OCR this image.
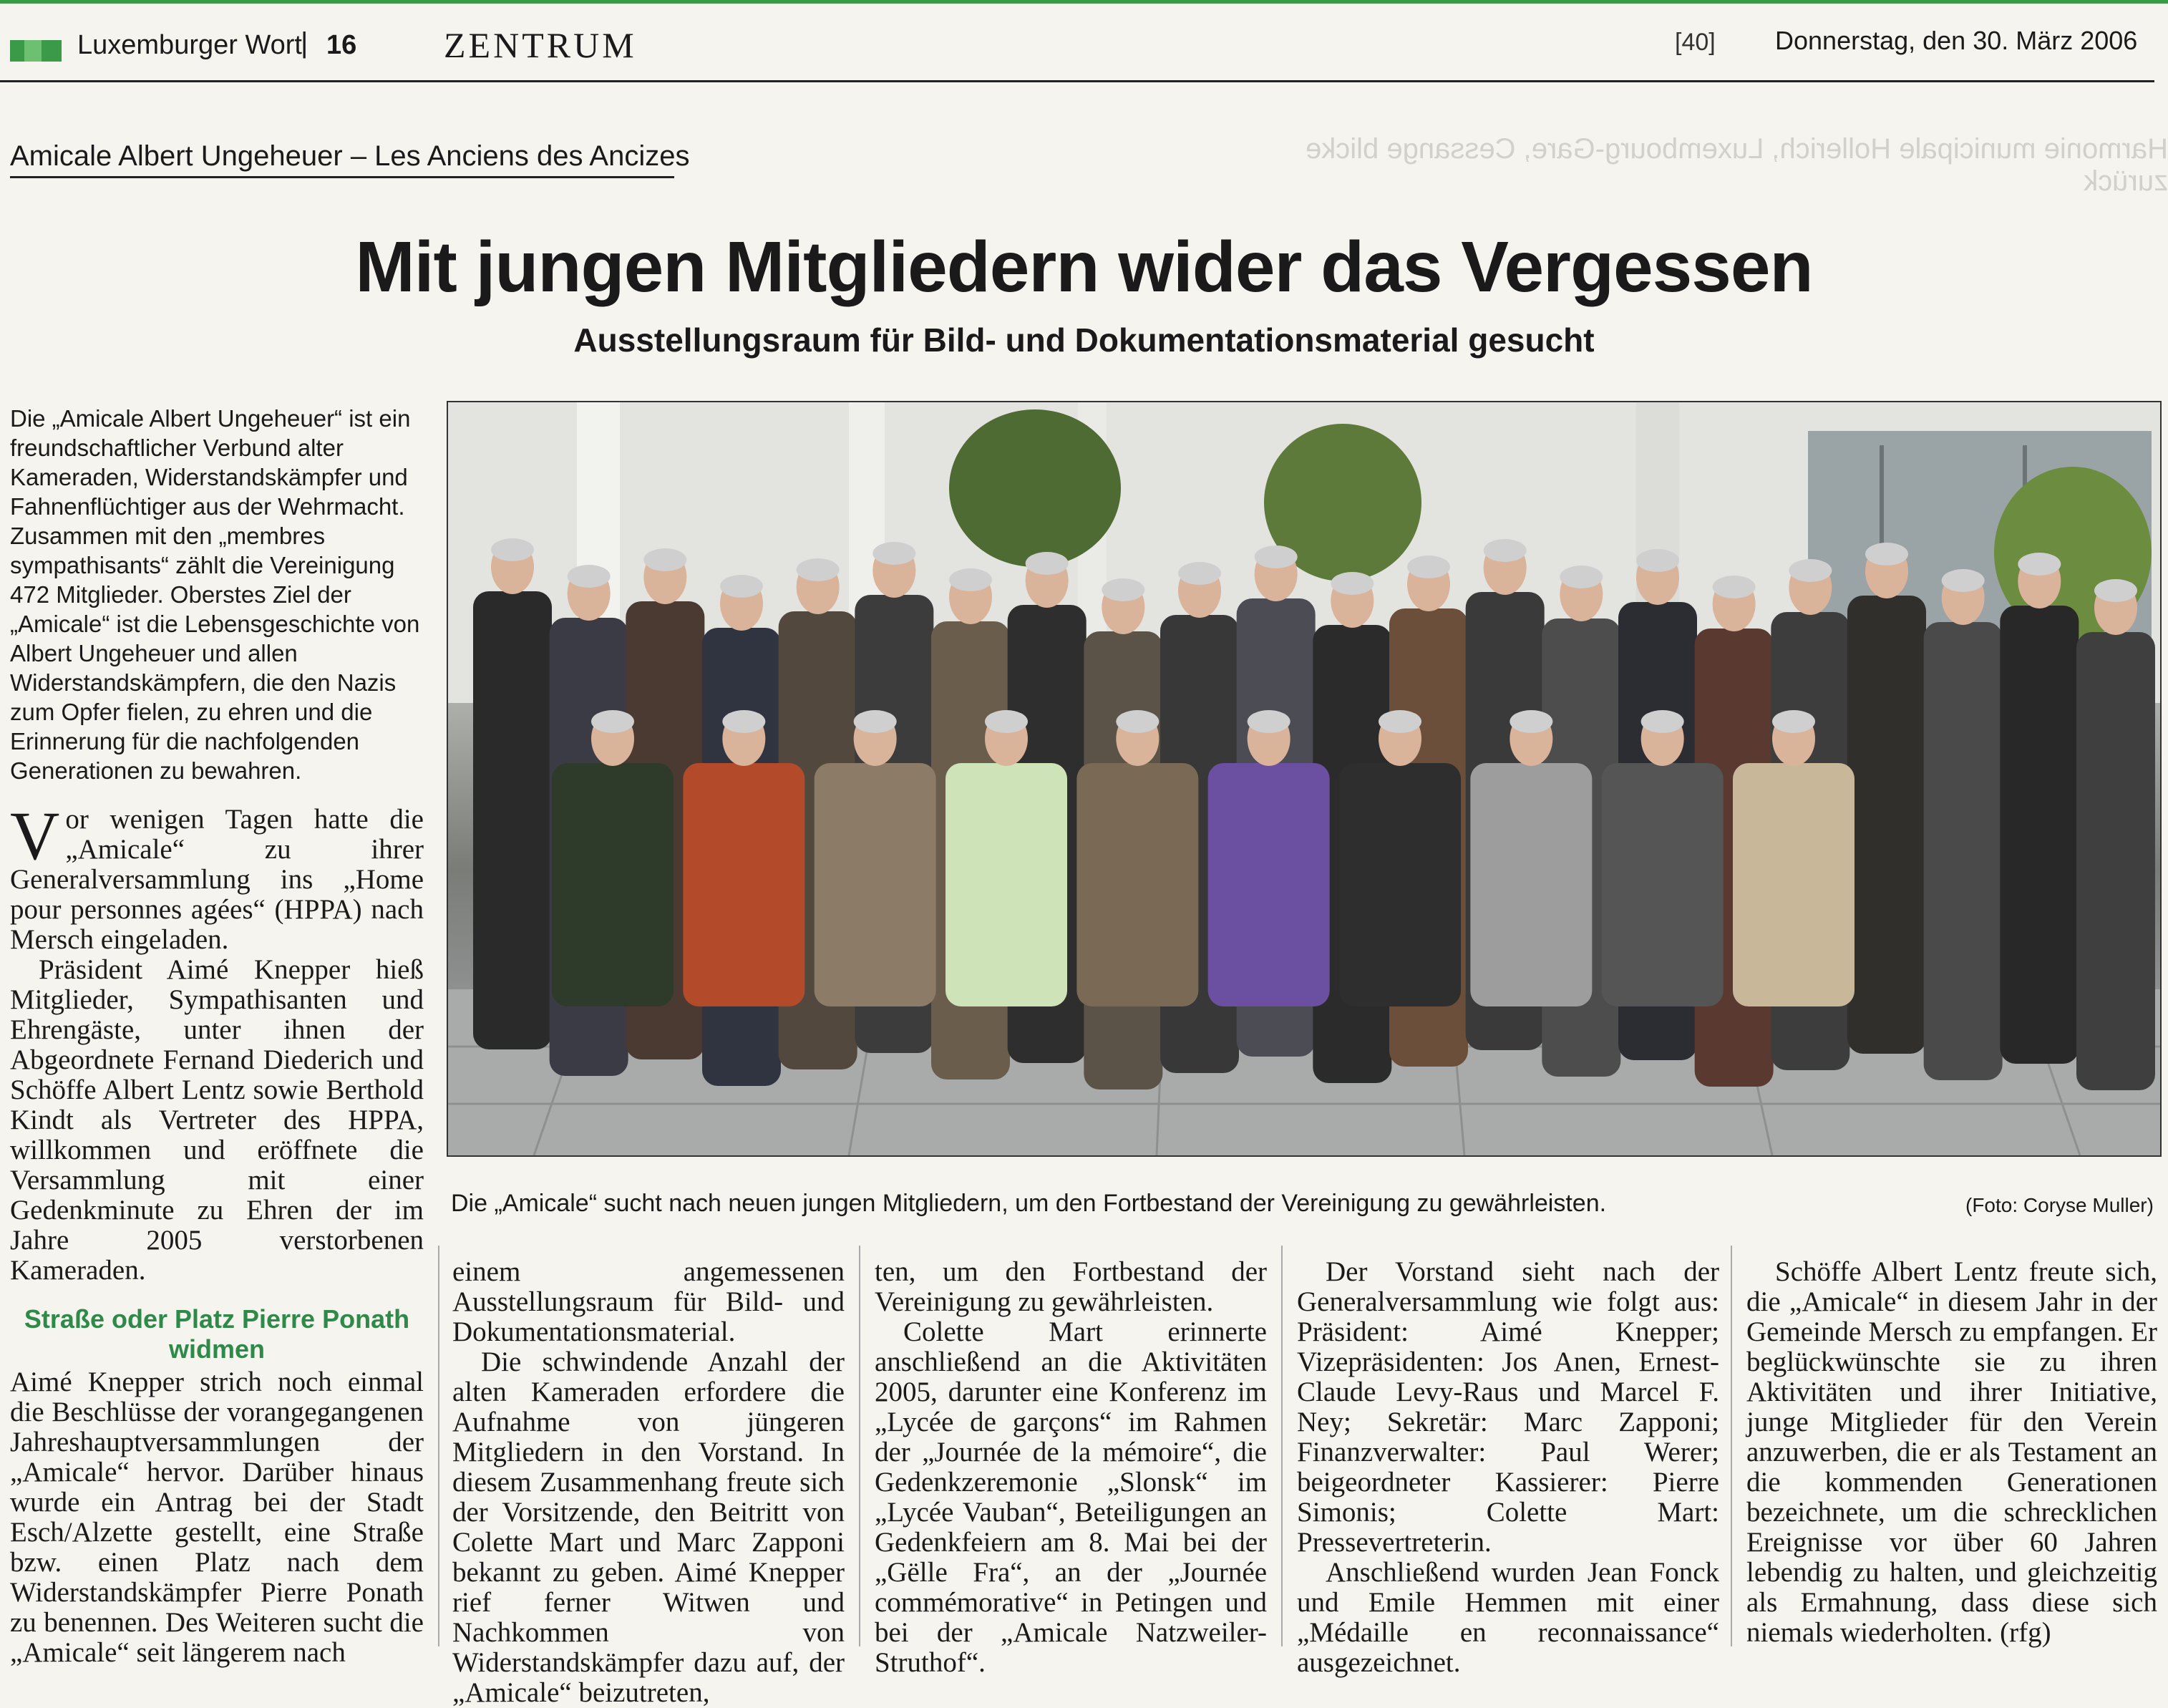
Luxemburger Wort
| 16 ZENTRUM	[40] Donnerstag, den 30. März 2006
Harmonie municipale Hollerich, Luxembourg-Gare, Cessange blicke zurück
Amicale Albert Ungeheuer – Les Anciens des Ancizes
Mit jungen Mitgliedern wider das Vergessen
Ausstellungsraum für Bild- und Dokumentationsmaterial gesucht
Die „Amicale“ sucht nach neuen jungen Mitgliedern, um den Fortbestand der Vereinigung zu gewährleisten.	(Foto: Coryse Muller)
Die „Amicale Albert Ungeheuer“ ist ein freundschaftlicher Verbund alter Kameraden, Widerstandskämpfer und Fahnenflüchtiger aus der Wehrmacht. Zusammen mit den „membres sympathisants“ zählt die Vereinigung 472 Mitglieder. Oberstes Ziel der „Amicale“ ist die Lebensgeschichte von Albert Ungeheuer und allen Widerstandskämpfern, die den Nazis zum Opfer fielen, zu ehren und die Erinnerung für die nachfolgenden Generationen zu bewahren.

Vor wenigen Tagen hatte die „Amicale“ zu ihrer Generalversammlung ins „Home pour personnes agées“ (HPPA) nach Mersch eingeladen.

Präsident Aimé Knepper hieß Mitglieder, Sympathisanten und Ehrengäste, unter ihnen der Abgeordnete Fernand Diederich und Schöffe Albert Lentz sowie Berthold Kindt als Vertreter des HPPA, willkommen und eröffnete die Versammlung mit einer Gedenkminute zu Ehren der im Jahre 2005 verstorbenen Kameraden.

Straße oder Platz Pierre Ponath widmen

Aimé Knepper strich noch einmal die Beschlüsse der vorangegangenen Jahreshauptversammlungen der „Amicale“ hervor. Darüber hinaus wurde ein Antrag bei der Stadt Esch/Alzette gestellt, eine Straße bzw. einen Platz nach dem Widerstandskämpfer Pierre Ponath zu benennen. Des Weiteren sucht die „Amicale“ seit längerem nach

einem angemessenen Ausstellungsraum für Bild- und Dokumentationsmaterial.

Die schwindende Anzahl der alten Kameraden erfordere die Aufnahme von jüngeren Mitgliedern in den Vorstand. In diesem Zusammenhang freute sich der Vorsitzende, den Beitritt von Colette Mart und Marc Zapponi bekannt zu geben. Aimé Knepper rief ferner Witwen und Nachkommen von Widerstandskämpfer dazu auf, der „Amicale“ beizutreten,

ten, um den Fortbestand der Vereinigung zu gewährleisten.

Colette Mart erinnerte anschließend an die Aktivitäten 2005, darunter eine Konferenz im „Lycée de garçons“ im Rahmen der „Journée de la mémoire“, die Gedenkzeremonie „Slonsk“ im „Lycée Vauban“, Beteiligungen an Gedenkfeiern am 8. Mai bei der „Gëlle Fra“, an der „Journée commémorative“ in Petingen und bei der „Amicale Natzweiler-Struthof“.

Der Vorstand sieht nach der Generalversammlung wie folgt aus: Präsident: Aimé Knepper; Vizepräsidenten: Jos Anen, Ernest-Claude Levy-Raus und Marcel F. Ney; Sekretär: Marc Zapponi; Finanzverwalter: Paul Werer; beigeordneter Kassierer: Pierre Simonis; Colette Mart: Pressevertreterin.

Anschließend wurden Jean Fonck und Emile Hemmen mit einer „Médaille en reconnaissance“ ausgezeichnet.

Schöffe Albert Lentz freute sich, die „Amicale“ in diesem Jahr in der Gemeinde Mersch zu empfangen. Er beglückwünschte sie zu ihren Aktivitäten und ihrer Initiative, junge Mitglieder für den Verein anzuwerben, die er als Testament an die kommenden Generationen bezeichnete, um die schrecklichen Ereignisse vor über 60 Jahren lebendig zu halten, und gleichzeitig als Ermahnung, dass diese sich niemals wiederholten. (rfg)
